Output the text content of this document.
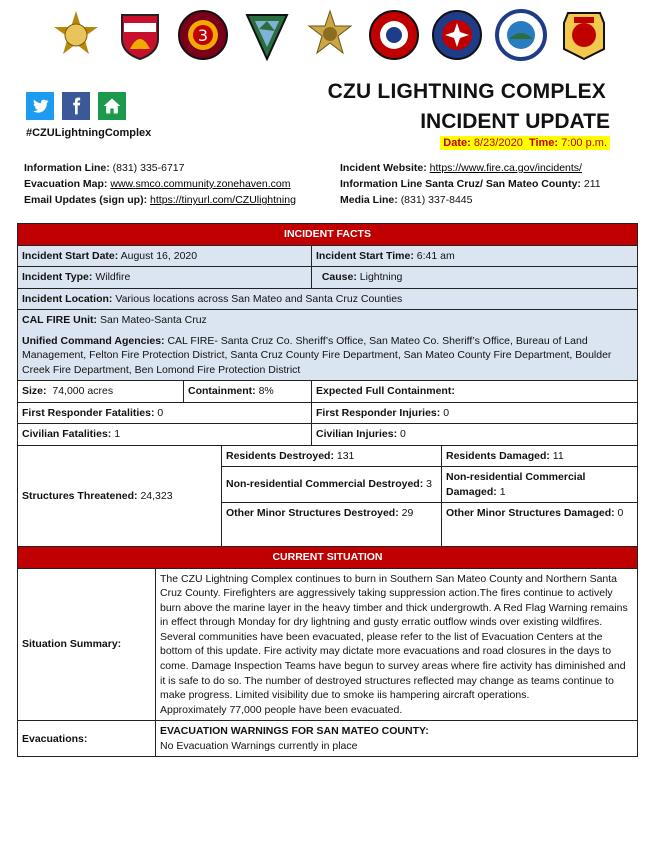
3
#CZULightningComplex
CZU LIGHTNING COMPLEX
INCIDENT UPDATE
Date: 8/23/2020 Time: 7:00 p.m.
Information Line: (831) 335-6717
Evacuation Map: www.smco.community.zonehaven.com
Email Updates (sign up): https://tinyurl.com/CZUlightning
Incident Website: https://www.fire.ca.gov/incidents/
Information Line Santa Cruz/ San Mateo County: 211
Media Line: (831) 337-8445
INCIDENT FACTS					
Incident Start Date: August 16, 2020				Incident Start Time: 6:41 am	
Incident Type: Wildfire				Cause: Lightning	
Incident Location: Various locations across San Mateo and Santa Cruz Counties					
CAL FIRE Unit: San Mateo-Santa Cruz					
Unified Command Agencies: CAL FIRE- Santa Cruz Co. Sheriff’s Office, San Mateo Co. Sheriff’s Office, Bureau of Land Management, Felton Fire Protection District, Santa Cruz County Fire Department, San Mateo County Fire Department, Boulder Creek Fire Department, Ben Lomond Fire Protection District					
Size: 74,000 acres		Containment: 8%		Expected Full Containment:	
First Responder Fatalities: 0				First Responder Injuries: 0	
Civilian Fatalities: 1				Civilian Injuries: 0	
Structures Threatened: 24,323			Residents Destroyed: 131		Residents Damaged: 11
			Non-residential Commercial Destroyed: 3		Non-residential Commercial Damaged: 1
			Other Minor Structures Destroyed: 29		Other Minor Structures Damaged: 0
CURRENT SITUATION					
Situation Summary:	The CZU Lightning Complex continues to burn in Southern San Mateo County and Northern Santa Cruz County. Firefighters are aggressively taking suppression action.The fires continue to actively burn above the marine layer in the heavy timber and thick undergrowth. A Red Flag Warning remains in effect through Monday for dry lightning and gusty erratic outflow winds over existing wildfires. Several communities have been evacuated, please refer to the list of Evacuation Centers at the bottom of this update. Fire activity may dictate more evacuations and road closures in the days to come. Damage Inspection Teams have begun to survey areas where fire activity has diminished and it is safe to do so. The number of destroyed structures reflected may change as teams continue to make progress. Limited visibility due to smoke iis hampering aircraft operations.
Approximately 77,000 people have been evacuated.				
Evacuations:	EVACUATION WARNINGS FOR SAN MATEO COUNTY:
No Evacuation Warnings currently in place				
